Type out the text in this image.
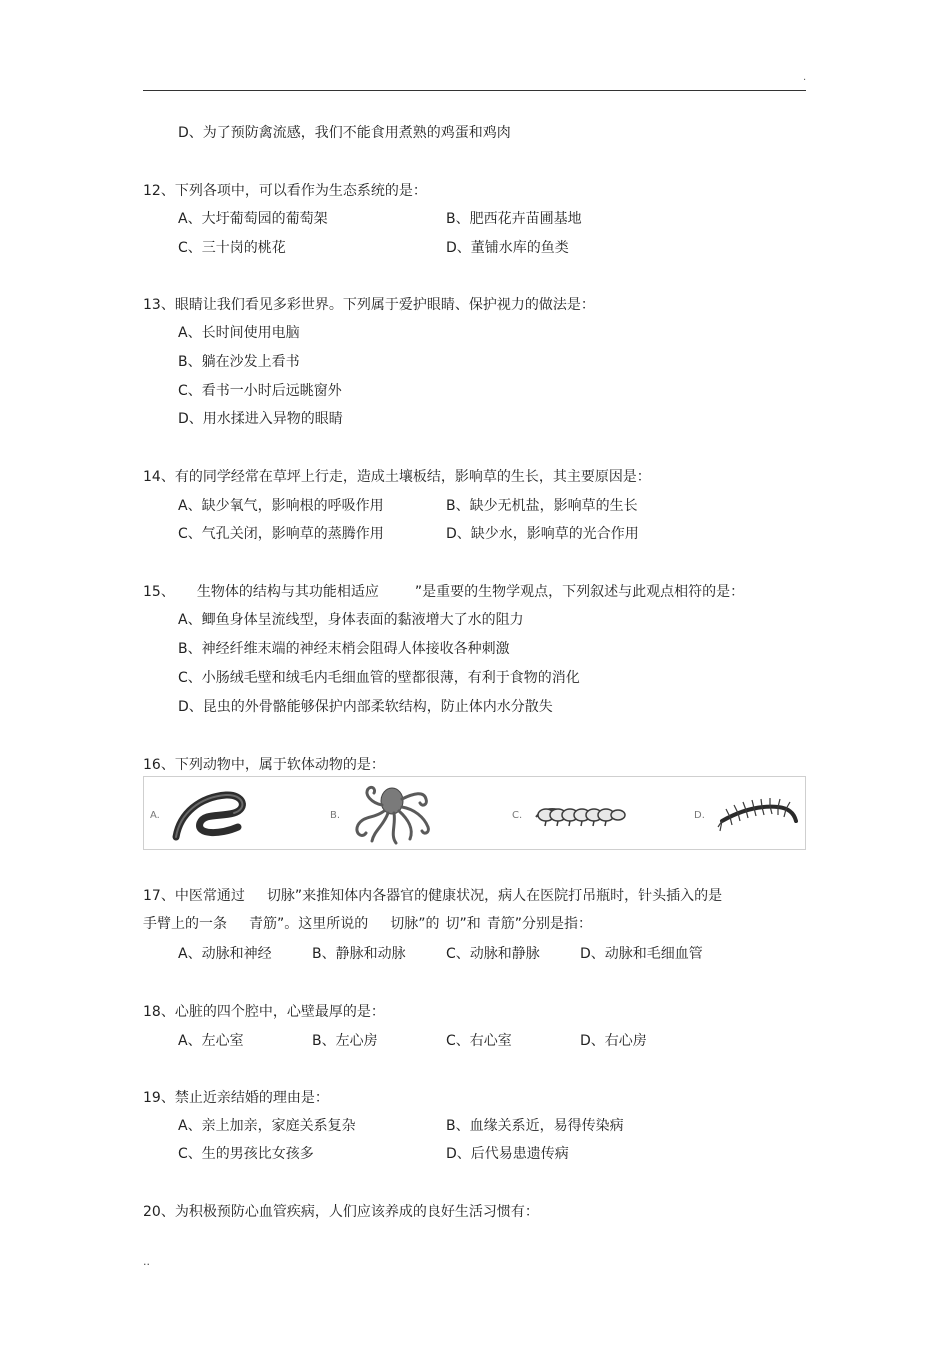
.
D、为了预防禽流感，我们不能食用煮熟的鸡蛋和鸡肉
12、下列各项中，可以看作为生态系统的是：
A、大圩葡萄园的葡萄架	B、肥西花卉苗圃基地
C、三十岗的桃花	D、董铺水库的鱼类
13、眼睛让我们看见多彩世界。下列属于爱护眼睛、保护视力的做法是：
A、长时间使用电脑
B、躺在沙发上看书
C、看书一小时后远眺窗外
D、用水揉进入异物的眼睛
14、有的同学经常在草坪上行走，造成土壤板结，影响草的生长，其主要原因是：
A、缺少氧气，影响根的呼吸作用	B、缺少无机盐，影响草的生长
C、气孔关闭，影响草的蒸腾作用	D、缺少水，影响草的光合作用
15、 生物体的结构与其功能相适应	”是重要的生物学观点，下列叙述与此观点相符的是：
A、鲫鱼身体呈流线型，身体表面的黏液增大了水的阻力
B、神经纤维末端的神经末梢会阻碍人体接收各种刺激
C、小肠绒毛壁和绒毛内毛细血管的壁都很薄，有利于食物的消化
D、昆虫的外骨骼能够保护内部柔软结构，防止体内水分散失
16、下列动物中，属于软体动物的是：
A.	B.	C.	D.
17、中医常通过 切脉”来推知体内各器官的健康状况，病人在医院打吊瓶时，针头插入的是
手臂上的一条 青筋”。这里所说的 切脉”的 切”和 青筋”分别是指：
A、动脉和神经	B、静脉和动脉	C、动脉和静脉	D、动脉和毛细血管
18、心脏的四个腔中，心壁最厚的是：
A、左心室	B、左心房	C、右心室	D、右心房
19、禁止近亲结婚的理由是：
A、亲上加亲，家庭关系复杂	B、血缘关系近，易得传染病
C、生的男孩比女孩多	D、后代易患遗传病
20、为积极预防心血管疾病，人们应该养成的良好生活习惯有：
..
